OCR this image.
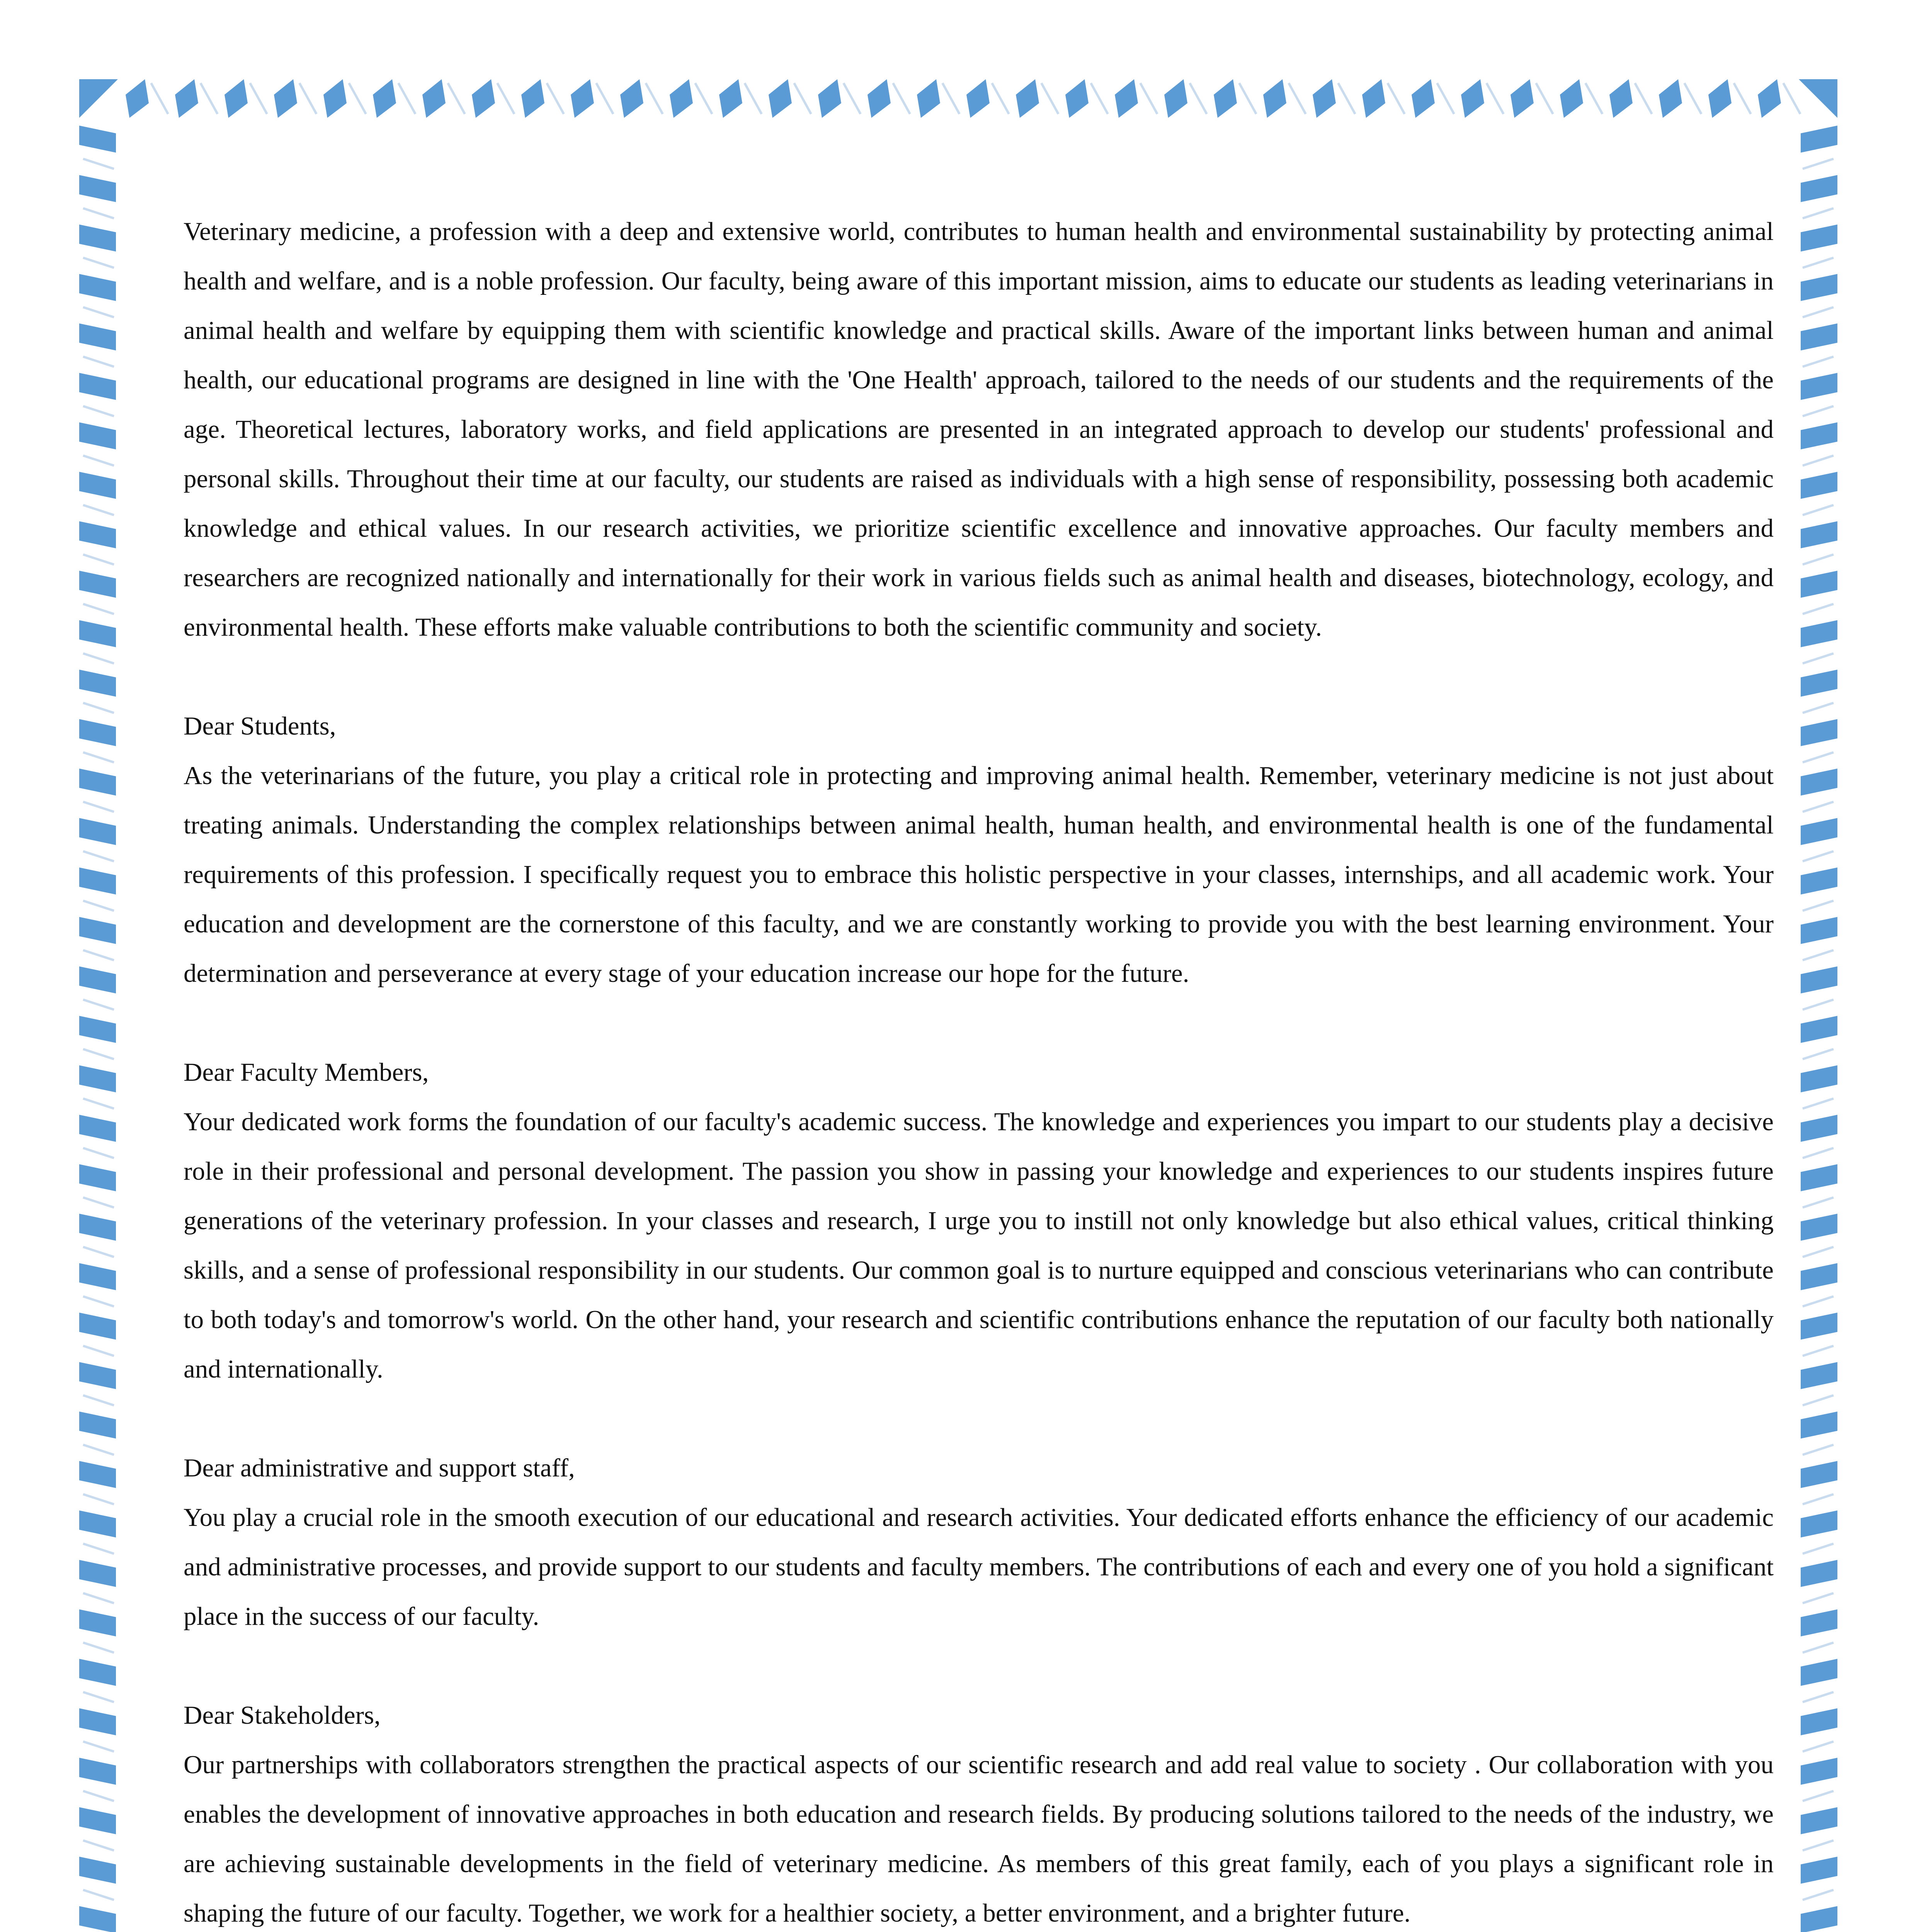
Veterinary medicine, a profession with a deep and extensive world, contributes to human health and environmental sustainability by protecting animal health and welfare, and is a noble profession. Our faculty, being aware of this important mission, aims to educate our students as leading veterinarians in animal health and welfare by equipping them with scientific knowledge and practical skills. Aware of the important links between human and animal health, our educational programs are designed in line with the 'One Health' approach, tailored to the needs of our students and the requirements of the age. Theoretical lectures, laboratory works, and field applications are presented in an integrated approach to develop our students' professional and personal skills. Throughout their time at our faculty, our students are raised as individuals with a high sense of responsibility, possessing both academic knowledge and ethical values. In our research activities, we prioritize scientific excellence and innovative approaches. Our faculty members and researchers are recognized nationally and internationally for their work in various fields such as animal health and diseases, biotechnology, ecology, and environmental health. These efforts make valuable contributions to both the scientific community and society.

Dear Students,

As the veterinarians of the future, you play a critical role in protecting and improving animal health. Remember, veterinary medicine is not just about treating animals. Understanding the complex relationships between animal health, human health, and environmental health is one of the fundamental requirements of this profession. I specifically request you to embrace this holistic perspective in your classes, internships, and all academic work. Your education and development are the cornerstone of this faculty, and we are constantly working to provide you with the best learning environment. Your determination and perseverance at every stage of your education increase our hope for the future.

Dear Faculty Members,

Your dedicated work forms the foundation of our faculty's academic success. The knowledge and experiences you impart to our students play a decisive role in their professional and personal development. The passion you show in passing your knowledge and experiences to our students inspires future generations of the veterinary profession. In your classes and research, I urge you to instill not only knowledge but also ethical values, critical thinking skills, and a sense of professional responsibility in our students. Our common goal is to nurture equipped and conscious veterinarians who can contribute to both today's and tomorrow's world. On the other hand, your research and scientific contributions enhance the reputation of our faculty both nationally and internationally.

Dear administrative and support staff,

You play a crucial role in the smooth execution of our educational and research activities. Your dedicated efforts enhance the efficiency of our academic and administrative processes, and provide support to our students and faculty members. The contributions of each and every one of you hold a significant place in the success of our faculty.

Dear Stakeholders,

Our partnerships with collaborators strengthen the practical aspects of our scientific research and add real value to society . Our collaboration with you enables the development of innovative approaches in both education and research fields. By producing solutions tailored to the needs of the industry, we are achieving sustainable developments in the field of veterinary medicine. As members of this great family, each of you plays a significant role in shaping the future of our faculty. Together, we work for a healthier society, a better environment, and a brighter future.
